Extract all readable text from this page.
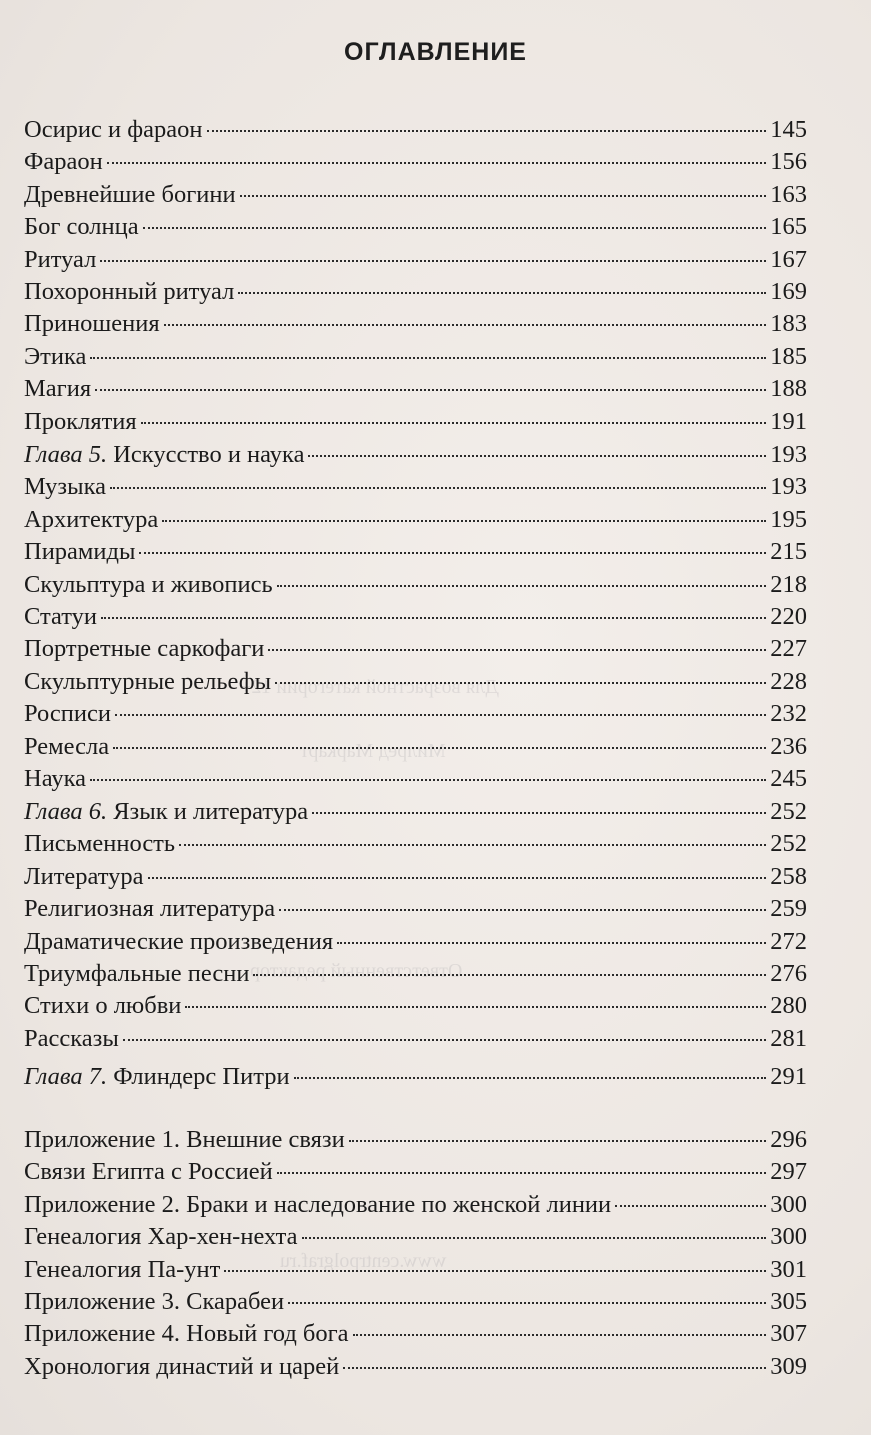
Для возрастной категории 12+
Милред Маркарт
Ответственный редактор
www.centrpolgraf.ru
ОГЛАВЛЕНИЕ
Осирис и фараон	145
Фараон	156
Древнейшие богини	163
Бог солнца	165
Ритуал	167
Похоронный ритуал	169
Приношения	183
Этика	185
Магия	188
Проклятия	191
Глава 5. Искусство и наука	193
Музыка	193
Архитектура	195
Пирамиды	215
Скульптура и живопись	218
Статуи	220
Портретные саркофаги	227
Скульптурные рельефы	228
Росписи	232
Ремесла	236
Наука	245
Глава 6. Язык и литература	252
Письменность	252
Литература	258
Религиозная литература	259
Драматические произведения	272
Триумфальные песни	276
Стихи о любви	280
Рассказы	281
Глава 7. Флиндерс Питри	291
Приложение 1. Внешние связи	296
Связи Египта с Россией	297
Приложение 2. Браки и наследование по женской линии	300
Генеалогия Хар-хен-нехта	300
Генеалогия Па-унт	301
Приложение 3. Скарабеи	305
Приложение 4. Новый год бога	307
Хронология династий и царей	309
